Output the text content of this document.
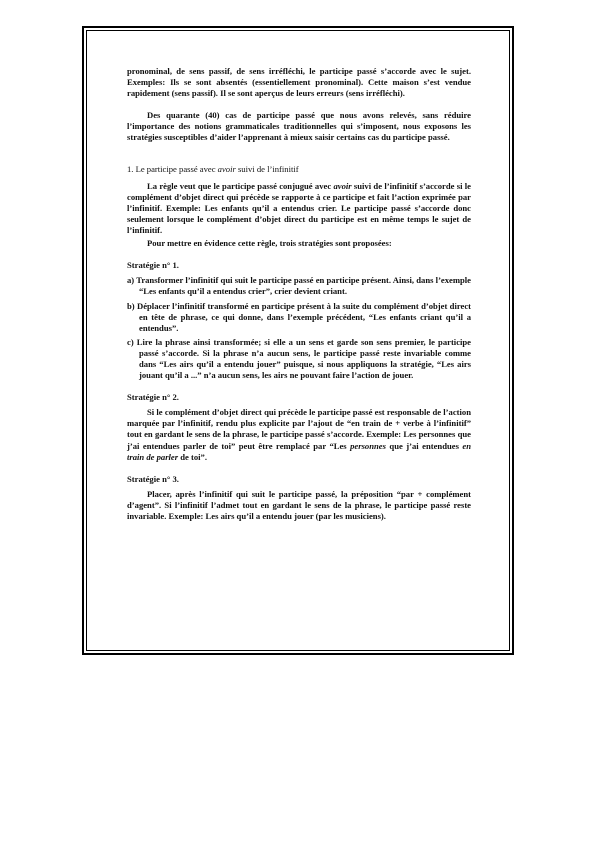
pronominal, de sens passif, de sens irréfléchi, le participe passé s’accorde avec le sujet. Exemples: Ils se sont absentés (essentiellement pronominal). Cette maison s’est vendue rapidement (sens passif). Il se sont aperçus de leurs erreurs (sens irréfléchi).

Des quarante (40) cas de participe passé que nous avons relevés, sans réduire l’importance des notions grammaticales traditionnelles qui s’imposent, nous exposons les stratégies susceptibles d’aider l’apprenant à mieux saisir certains cas du participe passé.

1. Le participe passé avec avoir suivi de l’infinitif

La règle veut que le participe passé conjugué avec avoir suivi de l’infinitif s’accorde si le complément d’objet direct qui précède se rapporte à ce participe et fait l’action exprimée par l’infinitif. Exemple: Les enfants qu’il a entendus crier. Le participe passé s’accorde donc seulement lorsque le complément d’objet direct du participe est en même temps le sujet de l’infinitif.

Pour mettre en évidence cette règle, trois stratégies sont proposées:

Stratégie n° 1.

a) Transformer l’infinitif qui suit le participe passé en participe présent. Ainsi, dans l’exemple “Les enfants qu’il a entendus crier”, crier devient criant.

b) Déplacer l’infinitif transformé en participe présent à la suite du complément d’objet direct en tête de phrase, ce qui donne, dans l’exemple précédent, “Les enfants criant qu’il a entendus”.

c) Lire la phrase ainsi transformée; si elle a un sens et garde son sens premier, le participe passé s’accorde. Si la phrase n’a aucun sens, le participe passé reste invariable comme dans “Les airs qu’il a entendu jouer” puisque, si nous appliquons la stratégie, “Les airs jouant qu’il a ...” n’a aucun sens, les airs ne pouvant faire l’action de jouer.

Stratégie n° 2.

Si le complément d’objet direct qui précède le participe passé est responsable de l’action marquée par l’infinitif, rendu plus explicite par l’ajout de “en train de + verbe à l’infinitif” tout en gardant le sens de la phrase, le participe passé s’accorde. Exemple: Les personnes que j’ai entendues parler de toi” peut être remplacé par “Les personnes que j’ai entendues en train de parler de toi”.

Stratégie n° 3.

Placer, après l’infinitif qui suit le participe passé, la préposition “par + complément d’agent”. Si l’infinitif l’admet tout en gardant le sens de la phrase, le participe passé reste invariable. Exemple: Les airs qu’il a entendu jouer (par les musiciens).
